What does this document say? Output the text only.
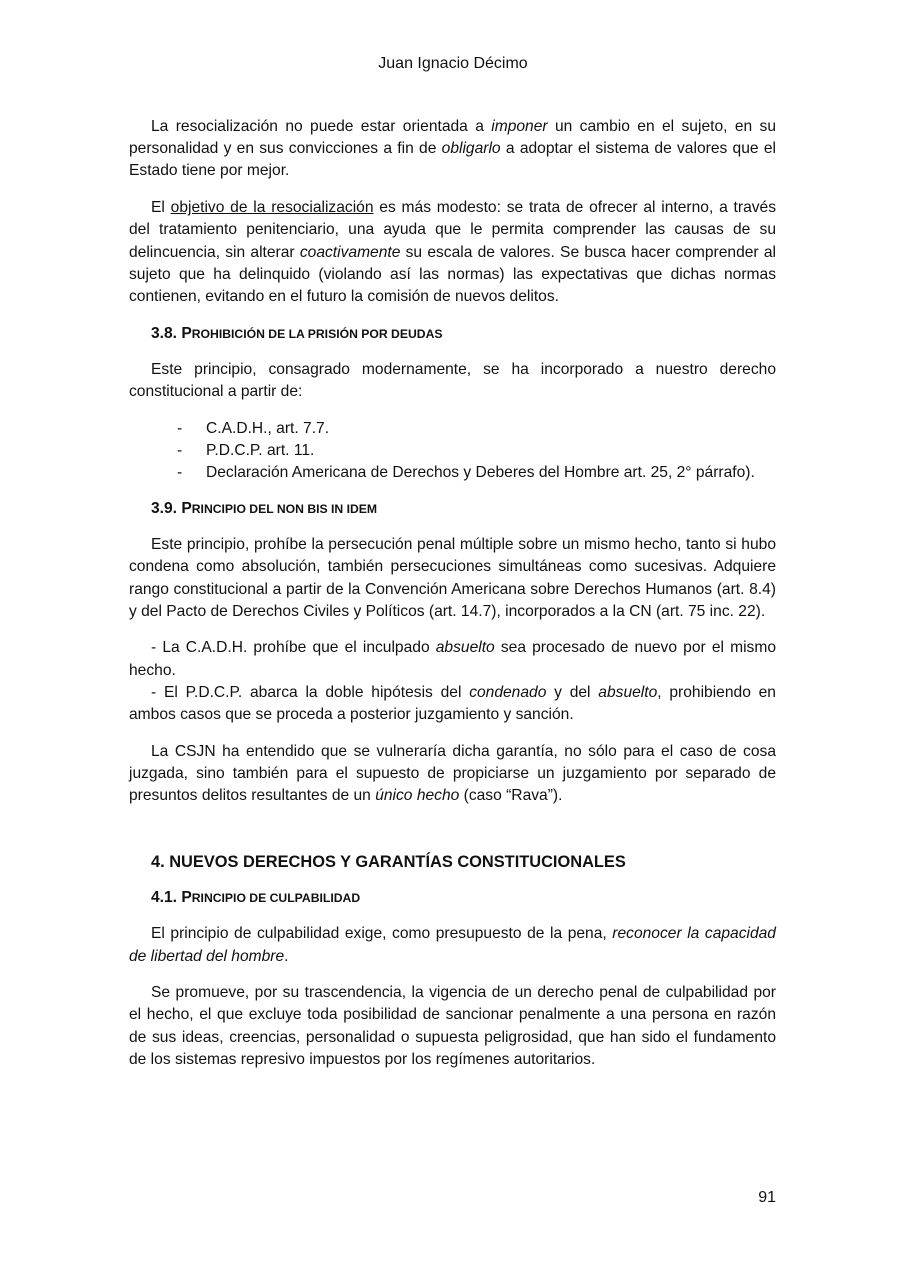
Juan Ignacio Décimo

La resocialización no puede estar orientada a imponer un cambio en el sujeto, en su personalidad y en sus convicciones a fin de obligarlo a adoptar el sistema de valores que el Estado tiene por mejor.

El objetivo de la resocialización es más modesto: se trata de ofrecer al interno, a través del tratamiento penitenciario, una ayuda que le permita comprender las causas de su delincuencia, sin alterar coactivamente su escala de valores. Se busca hacer comprender al sujeto que ha delinquido (violando así las normas) las expectativas que dichas normas contienen, evitando en el futuro la comisión de nuevos delitos.

3.8. PROHIBICIÓN DE LA PRISIÓN POR DEUDAS

Este principio, consagrado modernamente, se ha incorporado a nuestro derecho constitucional a partir de:

- C.A.D.H., art. 7.7.
- P.D.C.P. art. 11.
- Declaración Americana de Derechos y Deberes del Hombre art. 25, 2° párrafo).
3.9. PRINCIPIO DEL NON BIS IN IDEM

Este principio, prohíbe la persecución penal múltiple sobre un mismo hecho, tanto si hubo condena como absolución, también persecuciones simultáneas como sucesivas. Adquiere rango constitucional a partir de la Convención Americana sobre Derechos Humanos (art. 8.4) y del Pacto de Derechos Civiles y Políticos (art. 14.7), incorporados a la CN (art. 75 inc. 22).

- La C.A.D.H. prohíbe que el inculpado absuelto sea procesado de nuevo por el mismo hecho.

- El P.D.C.P. abarca la doble hipótesis del condenado y del absuelto, prohibiendo en ambos casos que se proceda a posterior juzgamiento y sanción.

La CSJN ha entendido que se vulneraría dicha garantía, no sólo para el caso de cosa juzgada, sino también para el supuesto de propiciarse un juzgamiento por separado de presuntos delitos resultantes de un único hecho (caso “Rava”).

4. NUEVOS DERECHOS Y GARANTÍAS CONSTITUCIONALES
4.1. PRINCIPIO DE CULPABILIDAD

El principio de culpabilidad exige, como presupuesto de la pena, reconocer la capacidad de libertad del hombre.

Se promueve, por su trascendencia, la vigencia de un derecho penal de culpabilidad por el hecho, el que excluye toda posibilidad de sancionar penalmente a una persona en razón de sus ideas, creencias, personalidad o supuesta peligrosidad, que han sido el fundamento de los sistemas represivo impuestos por los regímenes autoritarios.

91
